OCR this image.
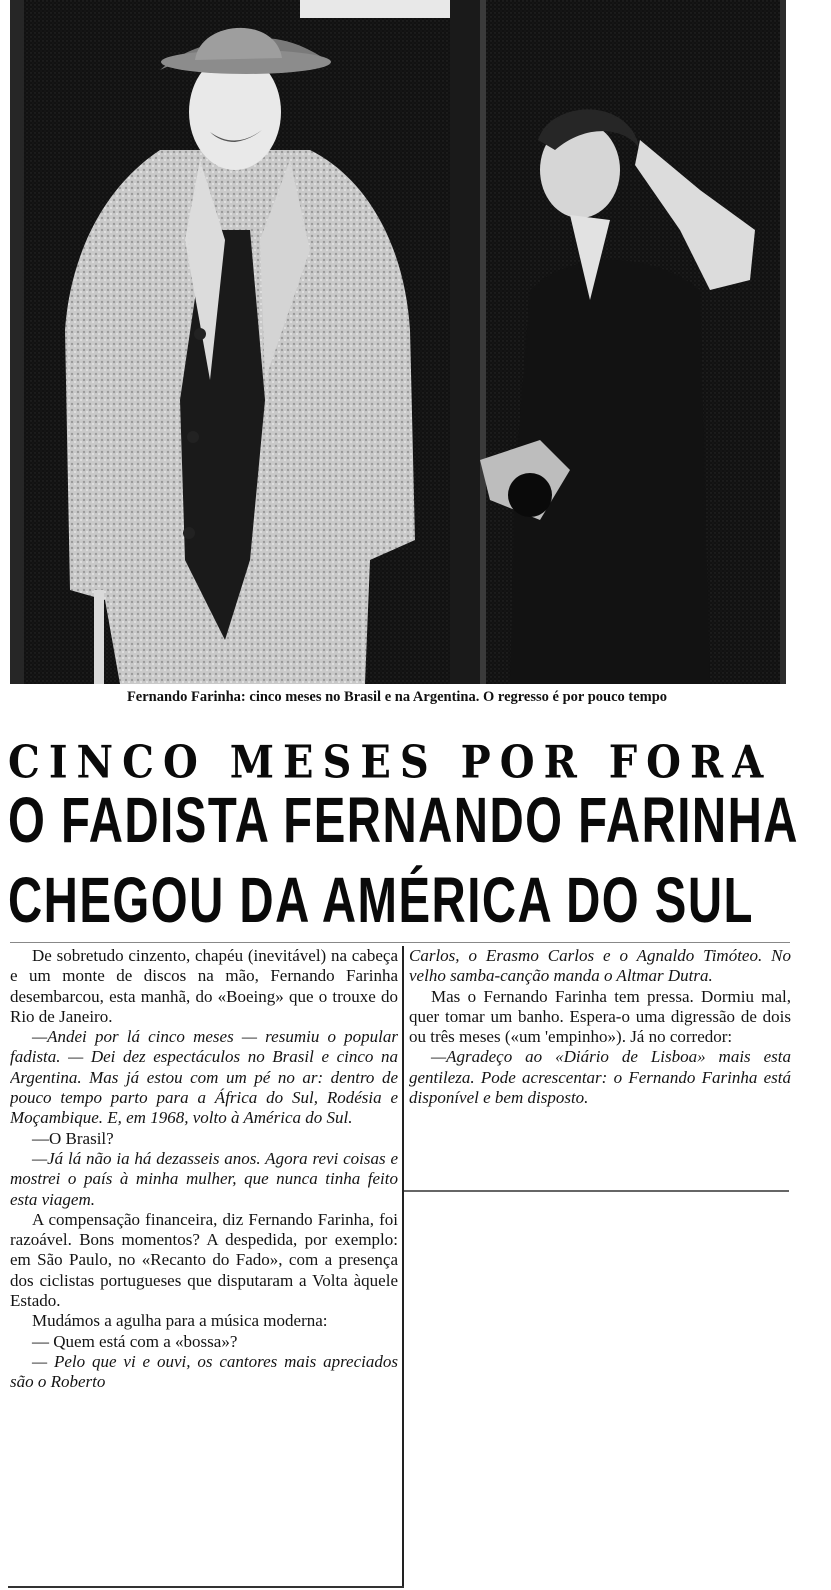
Fernando Farinha: cinco meses no Brasil e na Argentina. O regresso é por pouco tempo
CINCO MESES POR FORA
O FADISTA FERNANDO FARINHA
CHEGOU DA AMÉRICA DO SUL

De sobretudo cinzento, chapéu (inevitável) na cabeça e um monte de discos na mão, Fernando Farinha desembarcou, esta manhã, do «Boeing» que o trouxe do Rio de Janeiro.

—Andei por lá cinco meses — resumiu o popular fadista. — Dei dez espectáculos no Brasil e cinco na Argentina. Mas já estou com um pé no ar: dentro de pouco tempo parto para a África do Sul, Rodésia e Moçambique. E, em 1968, volto à América do Sul.

—O Brasil?

—Já lá não ia há dezasseis anos. Agora revi coisas e mostrei o país à minha mulher, que nunca tinha feito esta viagem.

A compensação financeira, diz Fernando Farinha, foi razoável. Bons momentos? A despedida, por exemplo: em São Paulo, no «Recanto do Fado», com a presença dos ciclistas portugueses que disputaram a Volta àquele Estado.

Mudámos a agulha para a música moderna:

— Quem está com a «bossa»?

— Pelo que vi e ouvi, os cantores mais apreciados são o Roberto

Carlos, o Erasmo Carlos e o Agnaldo Timóteo. No velho samba-canção manda o Altmar Dutra.

Mas o Fernando Farinha tem pressa. Dormiu mal, quer tomar um banho. Espera-o uma digressão de dois ou três meses («um 'empinho»). Já no corredor:

—Agradeço ao «Diário de Lisboa» mais esta gentileza. Pode acrescentar: o Fernando Farinha está disponível e bem disposto.
